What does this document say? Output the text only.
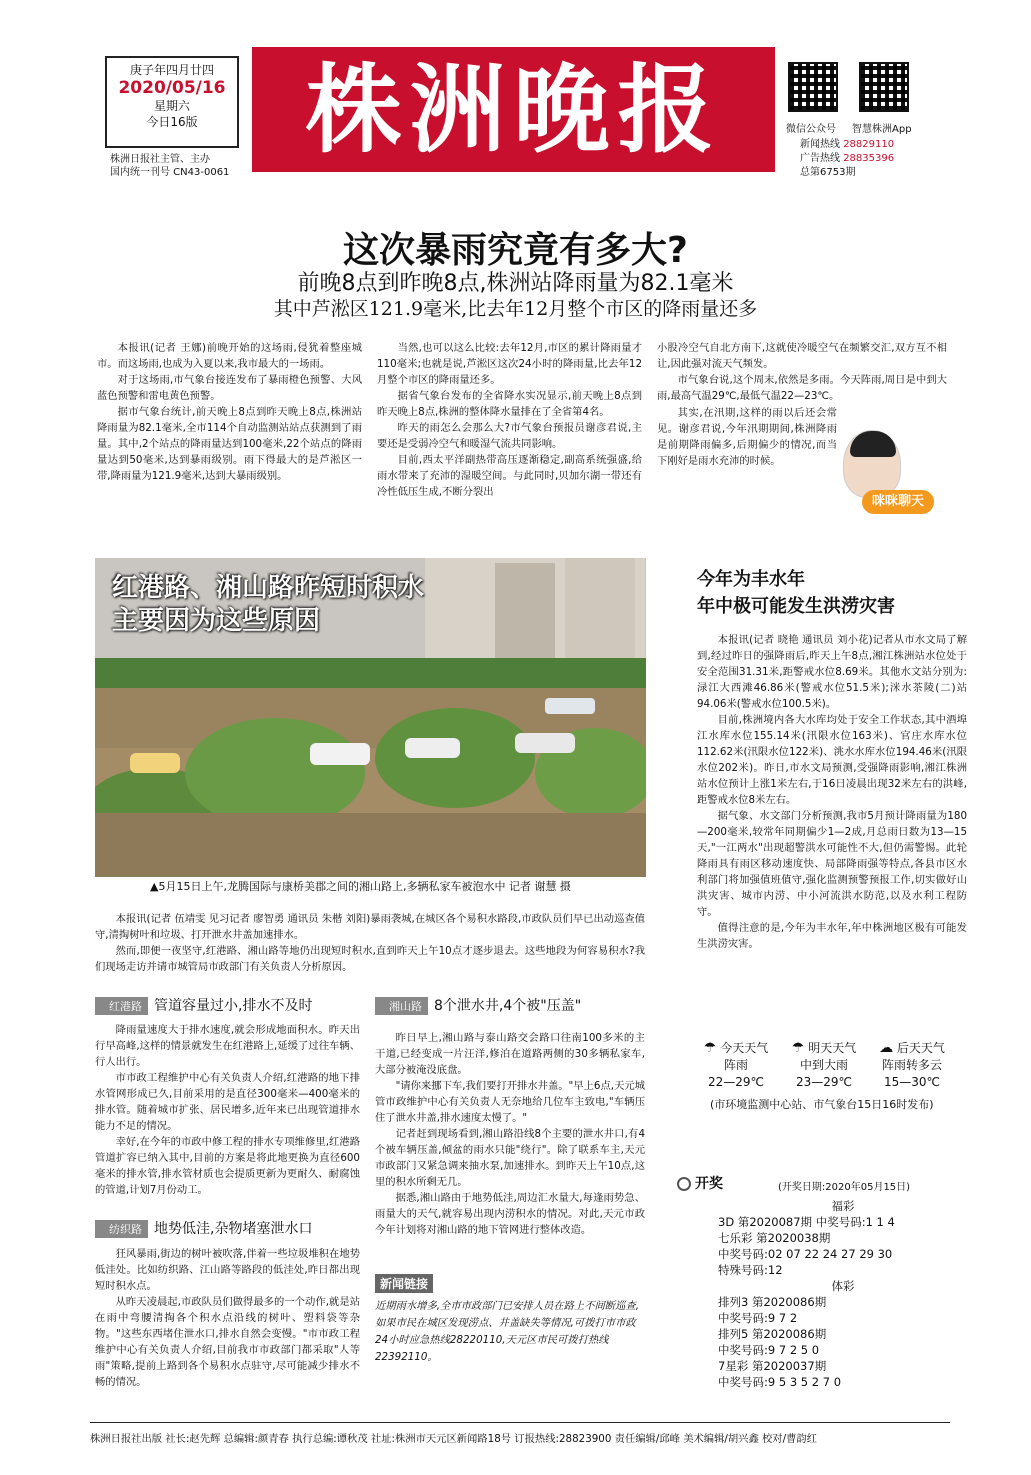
庚子年四月廿四
2020/05/16
星期六
今日16版
株洲日报社主管、主办
国内统一刊号 CN43-0061
株洲晚报	微信公众号 智慧株洲App
新闻热线 28829110
广告热线 28835396
总第6753期
这次暴雨究竟有多大?
前晚8点到昨晚8点,株洲站降雨量为82.1毫米
其中芦淞区121.9毫米,比去年12月整个市区的降雨量还多

本报讯(记者 王娜)前晚开始的这场雨,侵犹着整座城市。而这场雨,也成为入夏以来,我市最大的一场雨。

对于这场雨,市气象台接连发布了暴雨橙色预警、大风蓝色预警和雷电黄色预警。

据市气象台统计,前天晚上8点到昨天晚上8点,株洲站降雨量为82.1毫米,全市114个自动监测站站点获测到了雨量。其中,2个站点的降雨量达到100毫米,22个站点的降雨量达到50毫米,达到暴雨级别。雨下得最大的是芦淞区一带,降雨量为121.9毫米,达到大暴雨级别。

当然,也可以这么比较:去年12月,市区的累计降雨量才110毫米;也就是说,芦淞区这次24小时的降雨量,比去年12月整个市区的降雨量还多。

据省气象台发布的全省降水实况显示,前天晚上8点到昨天晚上8点,株洲的整体降水量排在了全省第4名。

昨天的雨怎么会那么大?市气象台预报员谢彦君说,主要还是受弱冷空气和暖湿气流共同影响。

目前,西太平洋副热带高压逐渐稳定,副高系统强盛,给雨水带来了充沛的湿暖空间。与此同时,贝加尔湖一带还有冷性低压生成,不断分裂出

小股冷空气自北方南下,这就使冷暖空气在频繁交汇,双方互不相让,因此强对流天气频发。

市气象台说,这个周末,依然是多雨。今天阵雨,周日是中到大雨,最高气温29℃,最低气温22—23℃。

其实,在汛期,这样的雨以后还会常见。谢彦君说,今年汛期期间,株洲降雨是前期降雨偏多,后期偏少的情况,而当下刚好是雨水充沛的时候。

咪咪聊天
红港路、湘山路昨短时积水
主要因为这些原因
▲5月15日上午,龙腾国际与康桥美郡之间的湘山路上,多辆私家车被泡水中 记者 谢慧 摄

本报讯(记者 伍靖雯 见习记者 廖智勇 通讯员 朱楷 刘阳)暴雨袭城,在城区各个易积水路段,市政队员们早已出动巡查值守,清掏树叶和垃圾、打开泄水井盖加速排水。

然而,即便一夜坚守,红港路、湘山路等地仍出现短时积水,直到昨天上午10点才逐步退去。这些地段为何容易积水?我们现场走访并请市城管局市政部门有关负责人分析原因。

红港路 管道容量过小,排水不及时

降雨量速度大于排水速度,就会形成地面积水。昨天出行早高峰,这样的情景就发生在红港路上,延缓了过往车辆、行人出行。

市市政工程维护中心有关负责人介绍,红港路的地下排水管网形成已久,目前采用的是直径300毫米—400毫米的排水管。随着城市扩张、居民增多,近年来已出现管道排水能力不足的情况。

幸好,在今年的市政中修工程的排水专项维修里,红港路管道扩容已纳入其中,目前的方案是将此地更换为直径600毫米的排水管,排水管材质也会提质更新为更耐久、耐腐蚀的管道,计划7月份动工。

纺织路 地势低洼,杂物堵塞泄水口

狂风暴雨,街边的树叶被吹落,伴着一些垃圾堆积在地势低洼处。比如纺织路、江山路等路段的低洼处,昨日都出现短时积水点。

从昨天凌晨起,市政队员们做得最多的一个动作,就是站在雨中弯腰清掏各个积水点沿线的树叶、塑料袋等杂物。"这些东西堵住泄水口,排水自然会变慢。"市市政工程维护中心有关负责人介绍,目前我市市政部门都采取"人等雨"策略,提前上路到各个易积水点驻守,尽可能减少排水不畅的情况。

湘山路 8个泄水井,4个被"压盖"

昨日早上,湘山路与泰山路交会路口往南100多米的主干道,已经变成一片汪洋,修泊在道路两侧的30多辆私家车,大部分被淹没底盘。

"请你来挪下车,我们要打开排水井盖。"早上6点,天元城管市政维护中心有关负责人无奈地给几位车主致电,"车辆压住了泄水井盖,排水速度太慢了。"

记者赶到现场看到,湘山路沿线8个主要的泄水井口,有4个被车辆压盖,倾盆的雨水只能"绕行"。除了联系车主,天元市政部门又紧急调来抽水泵,加速排水。到昨天上午10点,这里的积水所剩无几。

据悉,湘山路由于地势低洼,周边汇水量大,每逢雨势急、雨量大的天气,就容易出现内涝积水的情况。对此,天元市政今年计划将对湘山路的地下管网进行整体改造。

新闻链接
近期雨水增多,全市市政部门已安排人员在路上不间断巡查,如果市民在城区发现涝点、井盖缺失等情况,可拨打市市政24小时应急热线28220110,天元区市民可拨打热线22392110。
今年为丰水年
年中极可能发生洪涝灾害

本报讯(记者 晓艳 通讯员 刘小花)记者从市水文局了解到,经过昨日的强降雨后,昨天上午8点,湘江株洲站水位处于安全范围31.31米,距警戒水位8.69米。其他水文站分别为:渌江大西滩46.86米(警戒水位51.5米);洣水茶陵(二)站94.06米(警戒水位100.5米)。

目前,株洲境内各大水库均处于安全工作状态,其中酒埠江水库水位155.14米(汛限水位163米)、官庄水库水位112.62米(汛限水位122米)、洮水水库水位194.46米(汛限水位202米)。昨日,市水文局预测,受强降雨影响,湘江株洲站水位预计上涨1米左右,于16日凌晨出现32米左右的洪峰,距警戒水位8米左右。

据气象、水文部门分析预测,我市5月预计降雨量为180—200毫米,较常年同期偏少1—2成,月总雨日数为13—15天,"一江两水"出现超警洪水可能性不大,但仍需警惕。此轮降雨具有雨区移动速度快、局部降雨强等特点,各县市区水利部门将加强值班值守,强化监测预警预报工作,切实做好山洪灾害、城市内涝、中小河流洪水防范,以及水利工程防守。

值得注意的是,今年为丰水年,年中株洲地区极有可能发生洪涝灾害。

☂ 今天天气
阵雨
22—29℃
☂ 明天天气
中到大雨
23—29℃
☁ 后天天气
阵雨转多云
15—30℃
(市环境监测中心站、市气象台15日16时发布)
开奖	(开奖日期:2020年05月15日)
福彩
3D 第2020087期 中奖号码:1 1 4
七乐彩 第2020038期
中奖号码:02 07 22 24 27 29 30
特殊号码:12
体彩
排列3 第2020086期
中奖号码:9 7 2
排列5 第2020086期
中奖号码:9 7 2 5 0
7星彩 第2020037期
中奖号码:9 5 3 5 2 7 0
株洲日报社出版 社长:赵先辉 总编辑:颜青春 执行总编:谭秋茂 社址:株洲市天元区新闻路18号 订报热线:28823900 责任编辑/邱峰 美术编辑/胡兴鑫 校对/曹韵红
